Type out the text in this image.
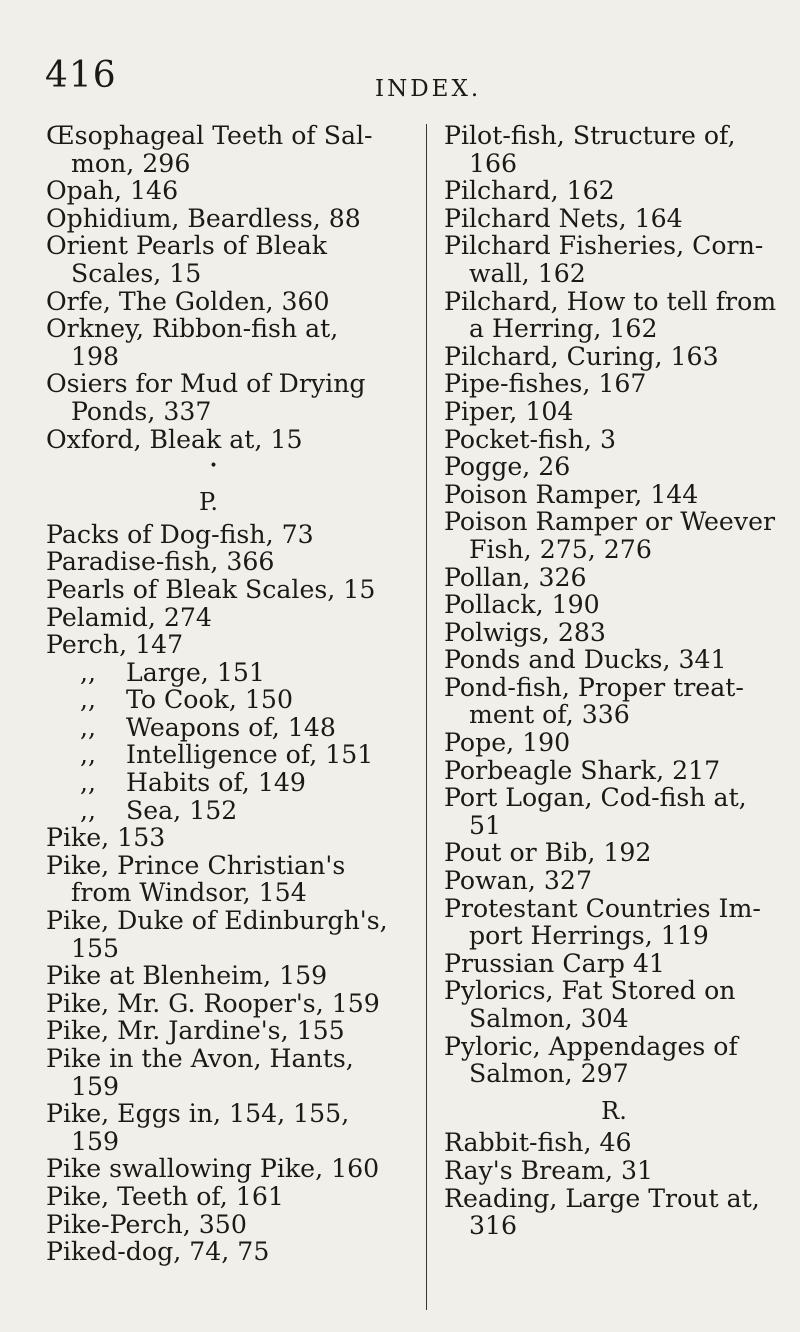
416	INDEX.
Œsophageal Teeth of Sal-
mon, 296
Opah, 146
Ophidium, Beardless, 88
Orient Pearls of Bleak
Scales, 15
Orfe, The Golden, 360
Orkney, Ribbon-fish at,
198
Osiers for Mud of Drying
Ponds, 337
Oxford, Bleak at, 15
•
P.
Packs of Dog-fish, 73
Paradise-fish, 366
Pearls of Bleak Scales, 15
Pelamid, 274
Perch, 147
,, Large, 151
,, To Cook, 150
,, Weapons of, 148
,, Intelligence of, 151
,, Habits of, 149
,, Sea, 152
Pike, 153
Pike, Prince Christian's
from Windsor, 154
Pike, Duke of Edinburgh's,
155
Pike at Blenheim, 159
Pike, Mr. G. Rooper's, 159
Pike, Mr. Jardine's, 155
Pike in the Avon, Hants,
159
Pike, Eggs in, 154, 155,
159
Pike swallowing Pike, 160
Pike, Teeth of, 161
Pike-Perch, 350
Piked-dog, 74, 75
Pilot-fish, Structure of,
166
Pilchard, 162
Pilchard Nets, 164
Pilchard Fisheries, Corn-
wall, 162
Pilchard, How to tell from
a Herring, 162
Pilchard, Curing, 163
Pipe-fishes, 167
Piper, 104
Pocket-fish, 3
Pogge, 26
Poison Ramper, 144
Poison Ramper or Weever
Fish, 275, 276
Pollan, 326
Pollack, 190
Polwigs, 283
Ponds and Ducks, 341
Pond-fish, Proper treat-
ment of, 336
Pope, 190
Porbeagle Shark, 217
Port Logan, Cod-fish at,
51
Pout or Bib, 192
Powan, 327
Protestant Countries Im-
port Herrings, 119
Prussian Carp 41
Pylorics, Fat Stored on
Salmon, 304
Pyloric, Appendages of
Salmon, 297
R.
Rabbit-fish, 46
Ray's Bream, 31
Reading, Large Trout at,
316
